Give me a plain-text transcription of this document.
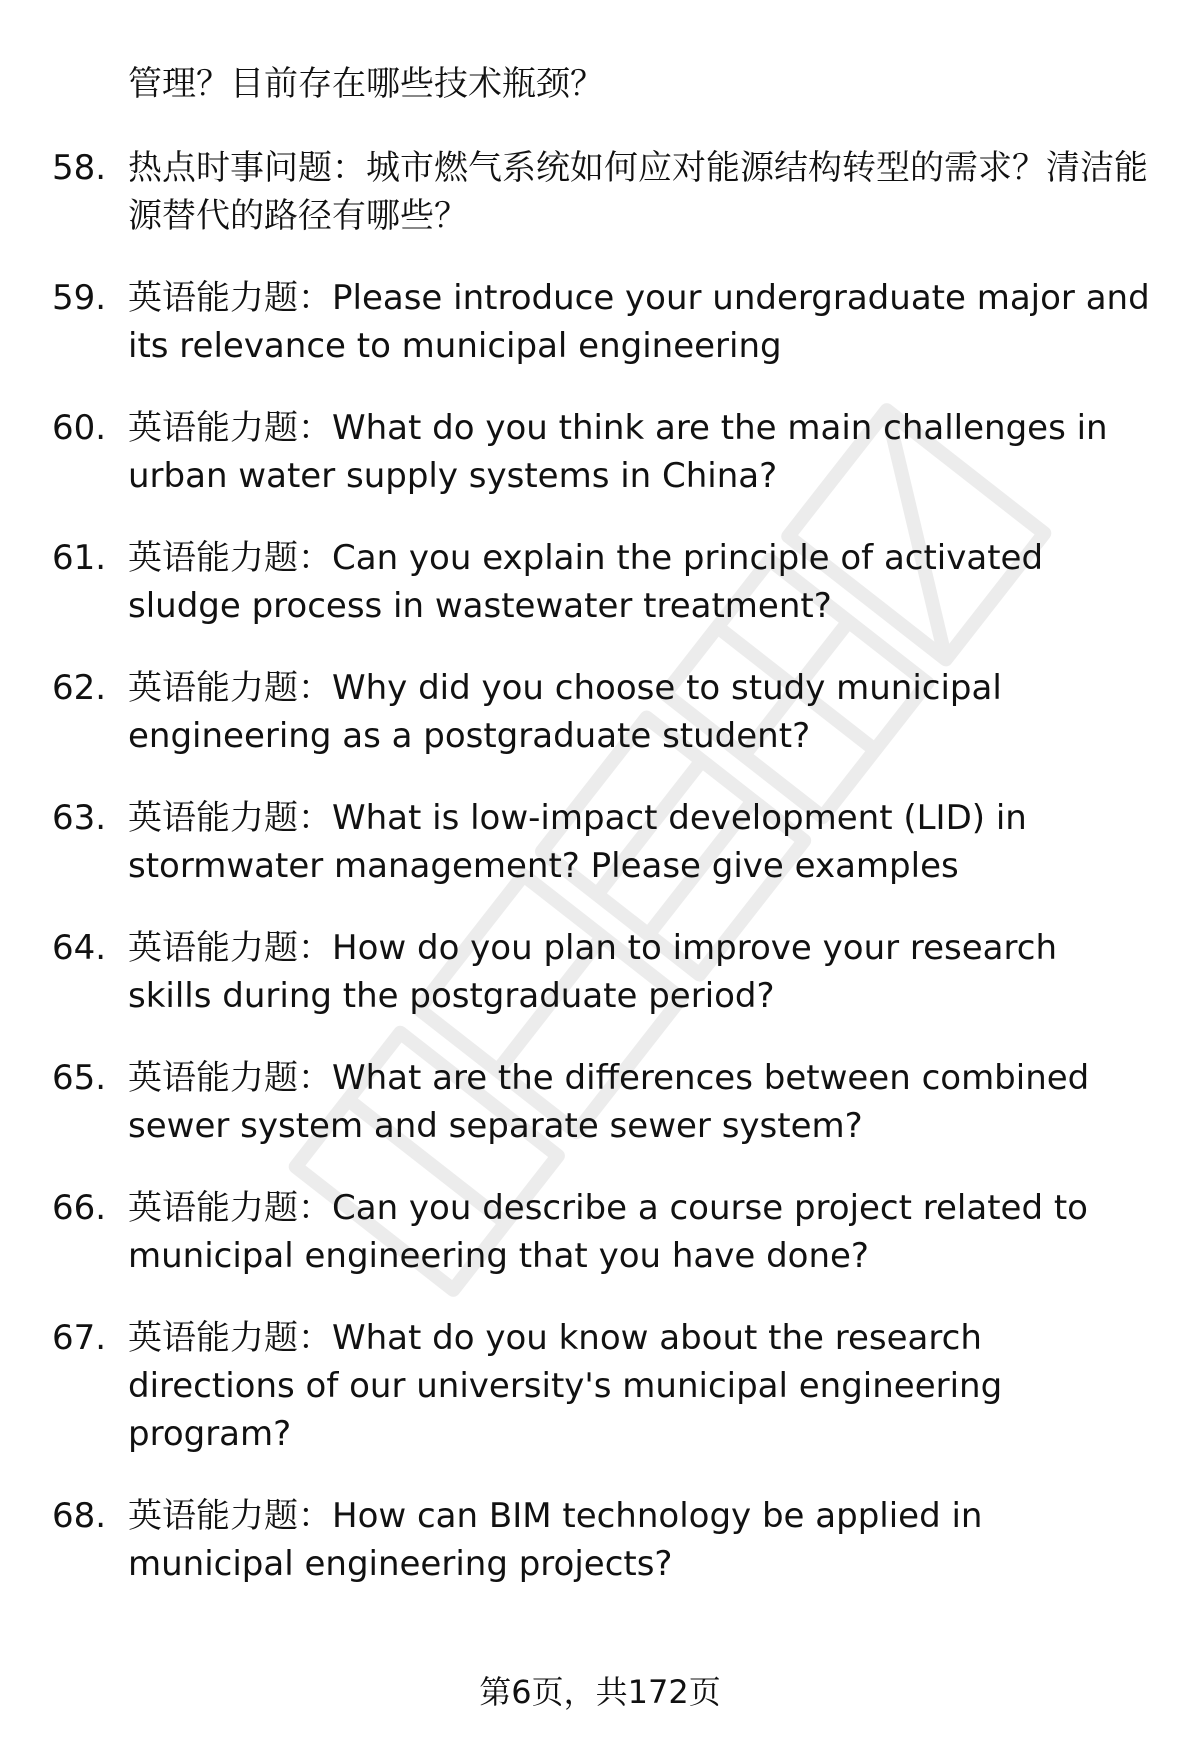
管理？目前存在哪些技术瓶颈？

58. 热点时事问题：城市燃气系统如何应对能源结构转型的需求？清洁能源替代的路径有哪些？
59. 英语能力题：Please introduce your undergraduate major and its relevance to municipal engineering
60. 英语能力题：What do you think are the main challenges in urban water supply systems in China?
61. 英语能力题：Can you explain the principle of activated sludge process in wastewater treatment?
62. 英语能力题：Why did you choose to study municipal engineering as a postgraduate student?
63. 英语能力题：What is low-impact development (LID) in stormwater management? Please give examples
64. 英语能力题：How do you plan to improve your research skills during the postgraduate period?
65. 英语能力题：What are the differences between combined sewer system and separate sewer system?
66. 英语能力题：Can you describe a course project related to municipal engineering that you have done?
67. 英语能力题：What do you know about the research directions of our university's municipal engineering program?
68. 英语能力题：How can BIM technology be applied in municipal engineering projects?
第6页，共172页
